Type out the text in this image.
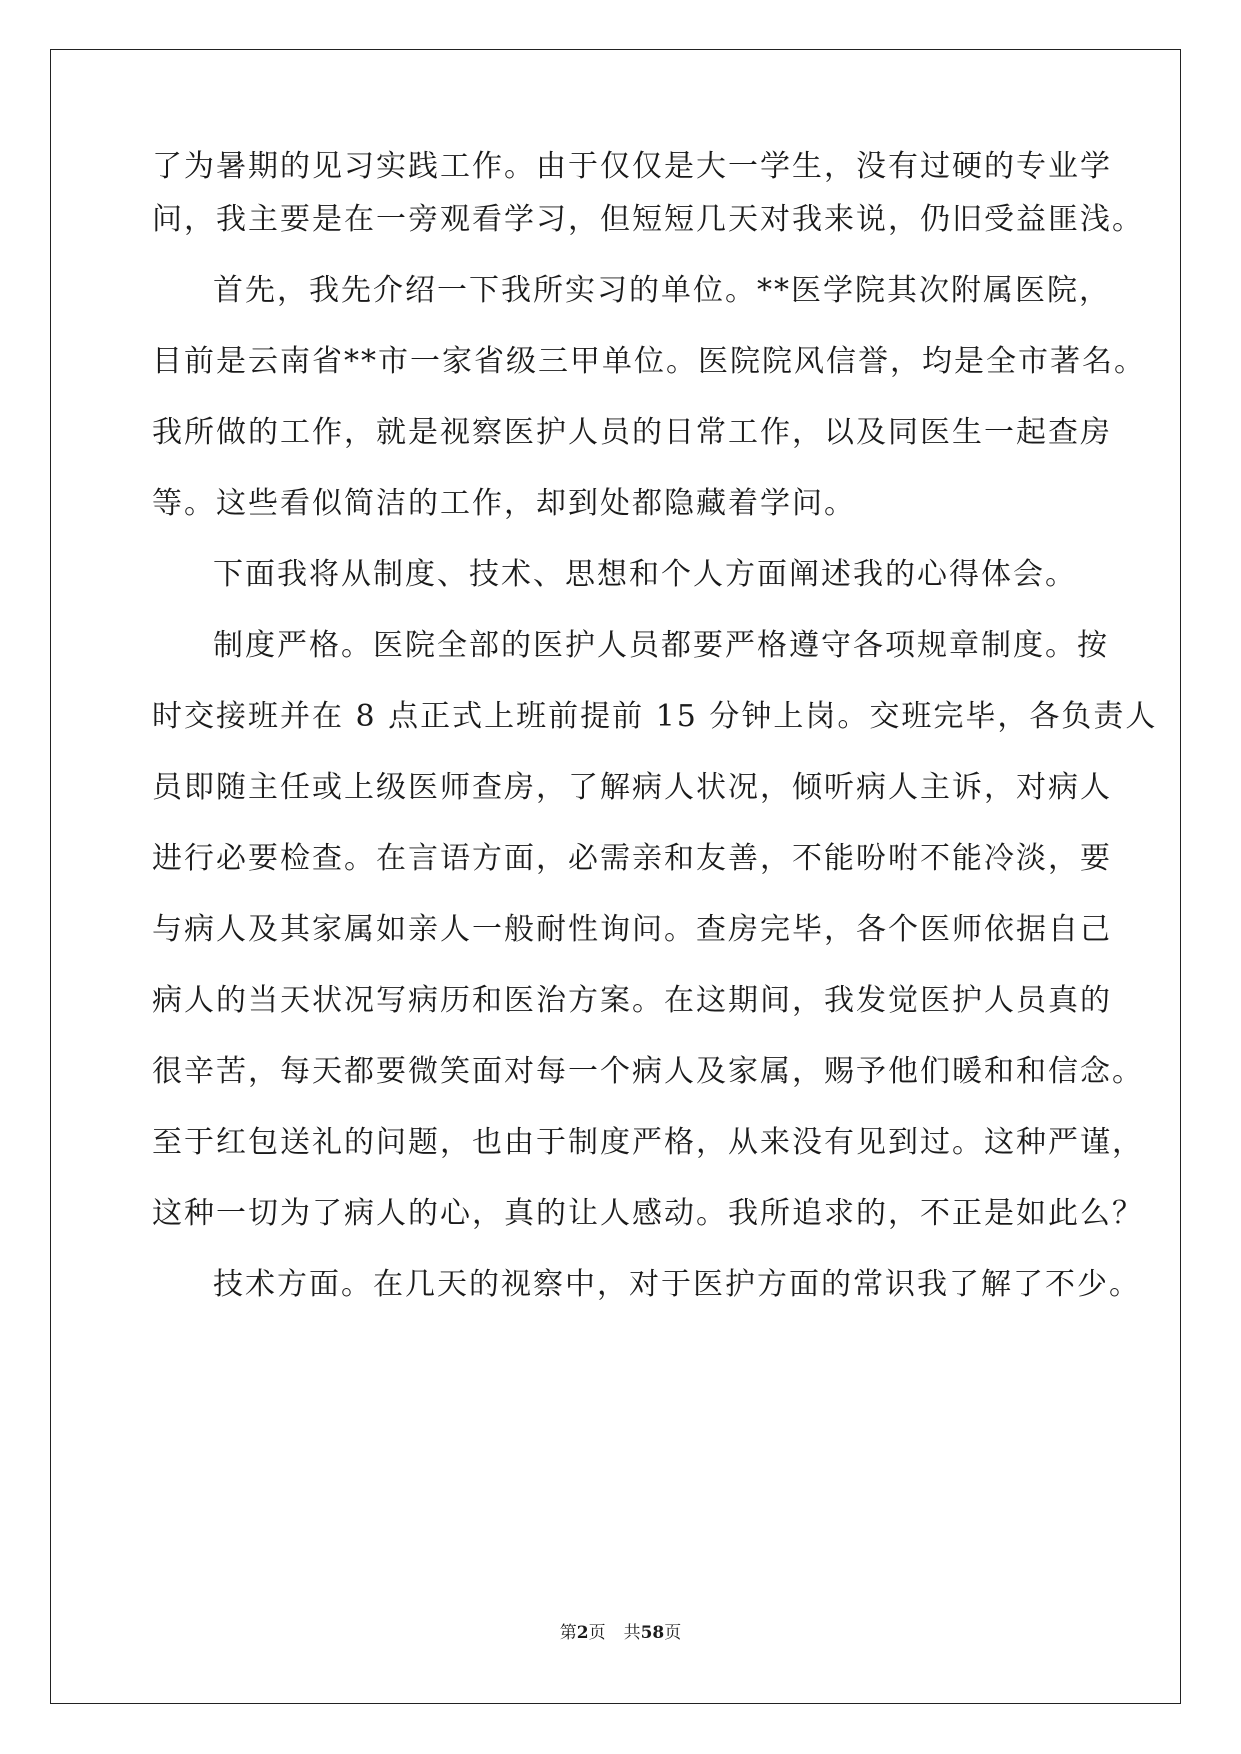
了为暑期的见习实践工作。由于仅仅是大一学生，没有过硬的专业学
问，我主要是在一旁观看学习，但短短几天对我来说，仍旧受益匪浅。
首先，我先介绍一下我所实习的单位。**医学院其次附属医院，
目前是云南省**市一家省级三甲单位。医院院风信誉，均是全市著名。
我所做的工作，就是视察医护人员的日常工作，以及同医生一起查房
等。这些看似简洁的工作，却到处都隐藏着学问。
下面我将从制度、技术、思想和个人方面阐述我的心得体会。
制度严格。医院全部的医护人员都要严格遵守各项规章制度。按
时交接班并在 8 点正式上班前提前 15 分钟上岗。交班完毕，各负责人
员即随主任或上级医师查房，了解病人状况，倾听病人主诉，对病人
进行必要检查。在言语方面，必需亲和友善，不能吩咐不能冷淡，要
与病人及其家属如亲人一般耐性询问。查房完毕，各个医师依据自己
病人的当天状况写病历和医治方案。在这期间，我发觉医护人员真的
很辛苦，每天都要微笑面对每一个病人及家属，赐予他们暖和和信念。
至于红包送礼的问题，也由于制度严格，从来没有见到过。这种严谨，
这种一切为了病人的心，真的让人感动。我所追求的，不正是如此么？
技术方面。在几天的视察中，对于医护方面的常识我了解了不少。
第2页 共58页
